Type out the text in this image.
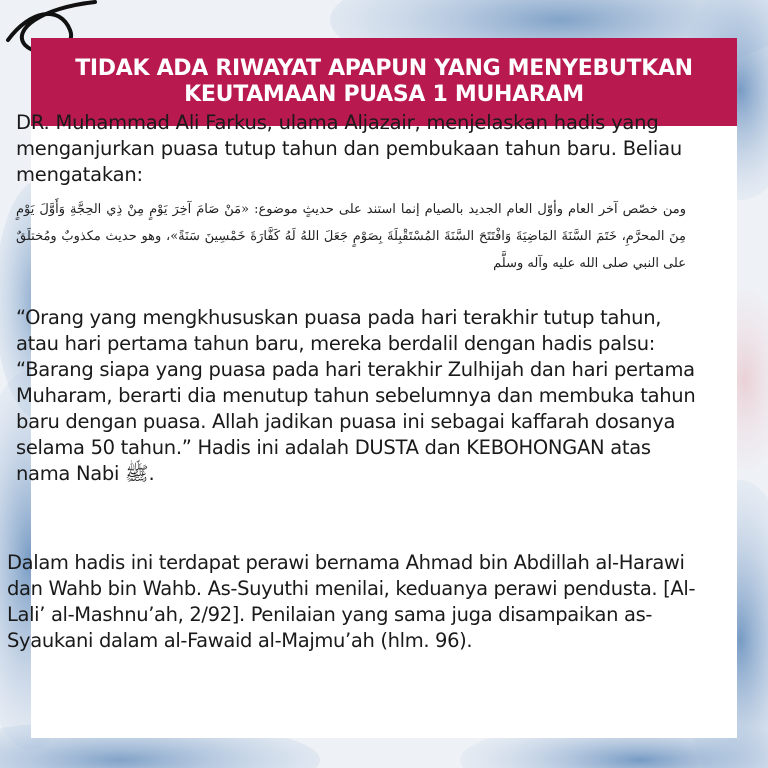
TIDAK ADA RIWAYAT APAPUN YANG MENYEBUTKAN
KEUTAMAAN PUASA 1 MUHARAM
DR. Muhammad Ali Farkus, ulama Aljazair, menjelaskan hadis yang menganjurkan puasa tutup tahun dan pembukaan tahun baru. Beliau mengatakan:
ومن خصّص آخر العام وأوّل العام الجديد بالصيام إنما استند على حديثٍ موضوع: «مَنْ صَامَ آخِرَ يَوْمٍ مِنْ ذِي الحِجَّةِ وَأَوَّلَ يَوْمٍ مِنَ المحرَّمِ، خَتَمَ السَّنَةَ المَاضِيَةَ وَافْتَتَحَ السَّنَةَ المُسْتَقْبِلَةَ بِصَوْمٍ جَعَلَ اللهُ لَهُ كَفَّارَةَ خَمْسِينَ سَنَةً»، وهو حديث مكذوبٌ ومُختلَقٌ على النبي صلى الله عليه وآله وسلَّم
“Orang yang mengkhususkan puasa pada hari terakhir tutup tahun, atau hari pertama tahun baru, mereka berdalil dengan hadis palsu: “Barang siapa yang puasa pada hari terakhir Zulhijah dan hari pertama Muharam, berarti dia menutup tahun sebelumnya dan membuka tahun baru dengan puasa. Allah jadikan puasa ini sebagai kaffarah dosanya selama 50 tahun.” Hadis ini adalah DUSTA dan KEBOHONGAN atas nama Nabi ﷺ.
Dalam hadis ini terdapat perawi bernama Ahmad bin Abdillah al-Harawi dan Wahb bin Wahb. As-Suyuthi menilai, keduanya perawi pendusta. [Al-Lali’ al-Mashnu’ah, 2/92]. Penilaian yang sama juga disampaikan as-Syaukani dalam al-Fawaid al-Majmu’ah (hlm. 96).
